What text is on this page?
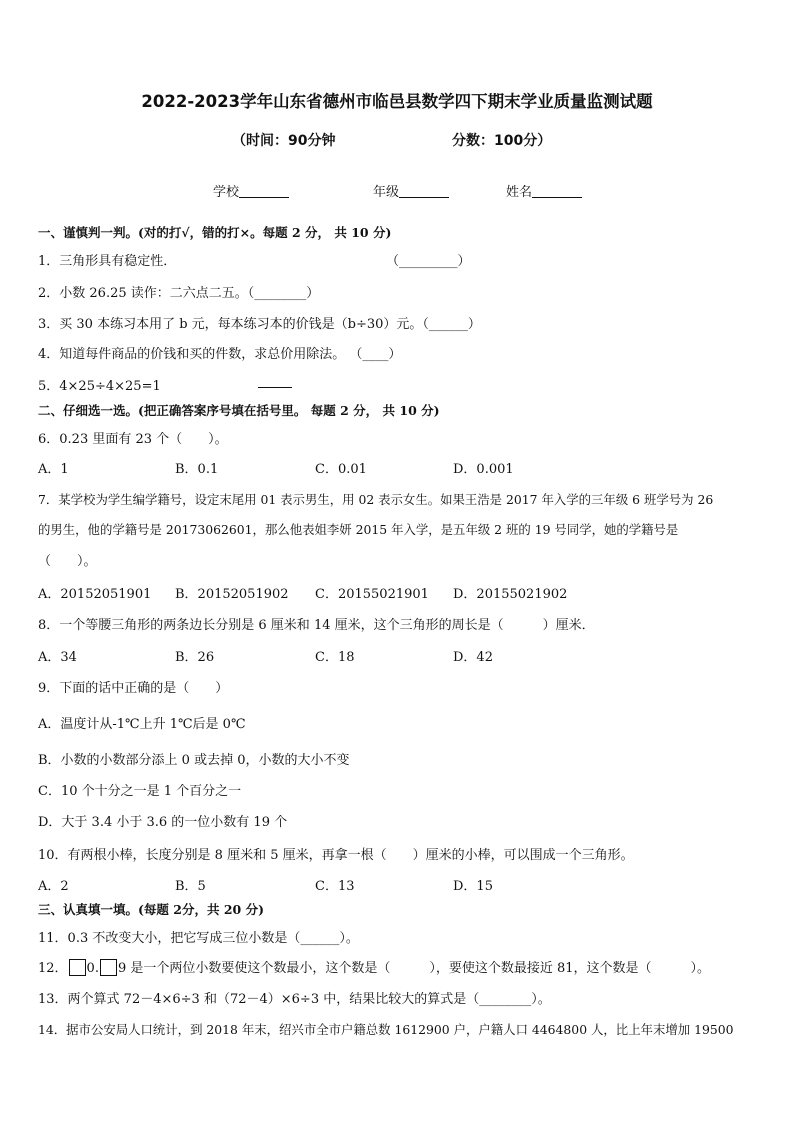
2022-2023学年山东省德州市临邑县数学四下期末学业质量监测试题
（时间：90分钟	分数：100分）
学校	年级	姓名
一、谨慎判一判。(对的打√，错的打×。每题 2 分， 共 10 分)
1．三角形具有稳定性．	（_________）
2．小数 26.25 读作：二六点二五。（________）
3．买 30 本练习本用了 b 元，每本练习本的价钱是（b÷30）元。（______）
4．知道每件商品的价钱和买的件数，求总价用除法。 （____）
5．4×25÷4×25=1
二、仔细选一选。(把正确答案序号填在括号里。 每题 2 分， 共 10 分)
6．0.23 里面有 23 个（　　）。
A．1	B．0.1	C．0.01	D．0.001
7．某学校为学生编学籍号，设定末尾用 01 表示男生，用 02 表示女生。如果王浩是 2017 年入学的三年级 6 班学号为 26
的男生，他的学籍号是 20173062601，那么他表姐李妍 2015 年入学，是五年级 2 班的 19 号同学，她的学籍号是
（　　）。
A．20152051901 B．20152051902 C．20155021901 D．20155021902
8．一个等腰三角形的两条边长分别是 6 厘米和 14 厘米，这个三角形的周长是（　　　）厘米．
A．34	B．26	C．18	D．42
9．下面的话中正确的是（　　）
A．温度计从-1℃上升 1℃后是 0℃
B．小数的小数部分添上 0 或去掉 0，小数的大小不变
C．10 个十分之一是 1 个百分之一
D．大于 3.4 小于 3.6 的一位小数有 19 个
10．有两根小棒，长度分别是 8 厘米和 5 厘米，再拿一根（　　）厘米的小棒，可以围成一个三角形。
A．2	B．5	C．13	D．15
三、认真填一填。(每题 2分，共 20 分)
11．0.3 不改变大小，把它写成三位小数是（______）。
12． 0. 9 是一个两位小数要使这个数最小，这个数是（　　　），要使这个数最接近 81，这个数是（　　　）。
13．两个算式 72－4×6÷3 和（72－4）×6÷3 中，结果比较大的算式是（________）。
14．据市公安局人口统计，到 2018 年末，绍兴市全市户籍总数 1612900 户，户籍人口 4464800 人，比上年末增加 19500
